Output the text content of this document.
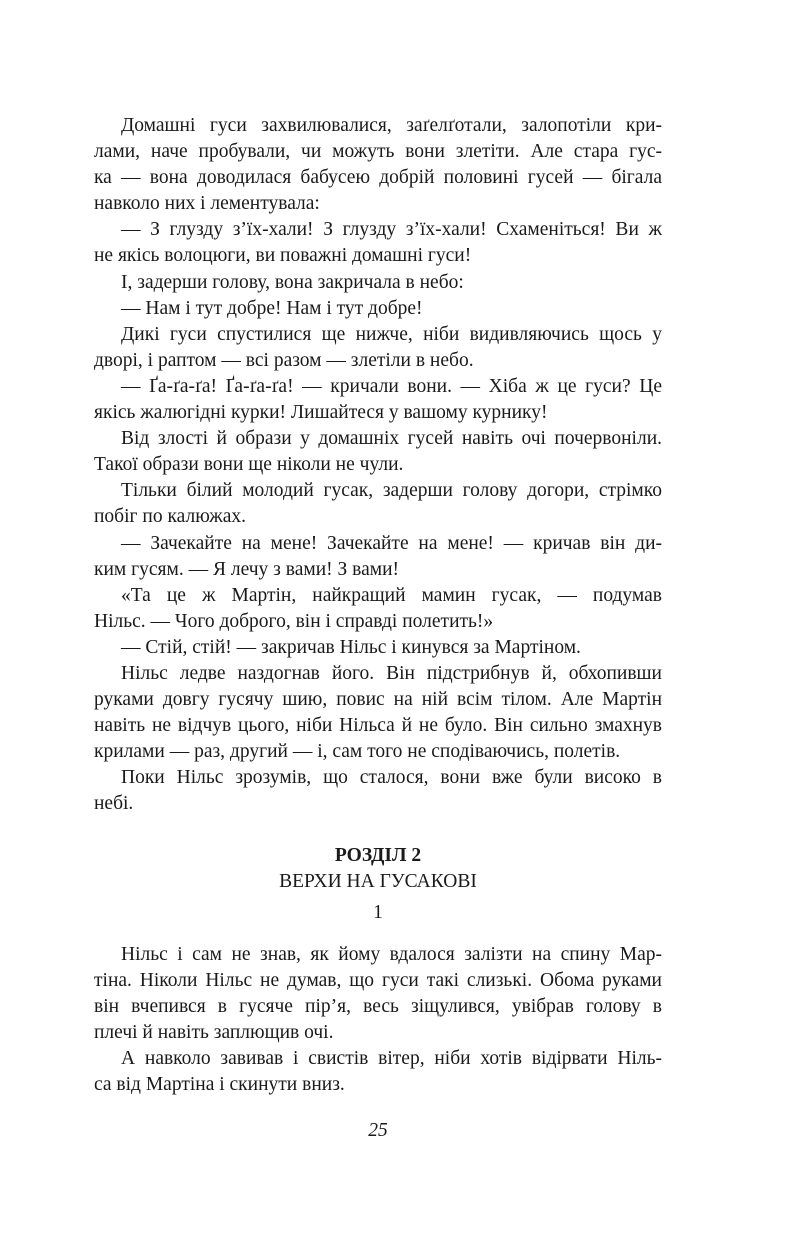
Домашні гуси захвилювалися, заґелґотали, залопотіли кри-
лами, наче пробували, чи можуть вони злетіти. Але стара гус-
ка — вона доводилася бабусею добрій половині гусей — бігала
навколо них і лементувала:
— З глузду з’їх-хали! З глузду з’їх-хали! Схаменіться! Ви ж
не якісь волоцюги, ви поважні домашні гуси!
І, задерши голову, вона закричала в небо:
— Нам і тут добре! Нам і тут добре!
Дикі гуси спустилися ще нижче, ніби видивляючись щось у
дворі, і раптом — всі разом — злетіли в небо.
— Ґа-ґа-ґа! Ґа-ґа-ґа! — кричали вони. — Хіба ж це гуси? Це
якісь жалюгідні курки! Лишайтеся у вашому курнику!
Від злості й образи у домашніх гусей навіть очі почервоніли.
Такої образи вони ще ніколи не чули.
Тільки білий молодий гусак, задерши голову догори, стрімко
побіг по калюжах.
— Зачекайте на мене! Зачекайте на мене! — кричав він ди-
ким гусям. — Я лечу з вами! З вами!
«Та це ж Мартін, найкращий мамин гусак, — подумав
Нільс. — Чого доброго, він і справді полетить!»
— Стій, стій! — закричав Нільс і кинувся за Мартіном.
Нільс ледве наздогнав його. Він підстрибнув й, обхопивши
руками довгу гусячу шию, повис на ній всім тілом. Але Мартін
навіть не відчув цього, ніби Нільса й не було. Він сильно змахнув
крилами — раз, другий — і, сам того не сподіваючись, полетів.
Поки Нільс зрозумів, що сталося, вони вже були високо в
небі.
РОЗДІЛ 2
ВЕРХИ НА ГУСАКОВІ
1
Нільс і сам не знав, як йому вдалося залізти на спину Мар-
тіна. Ніколи Нільс не думав, що гуси такі слизькі. Обома руками
він вчепився в гусяче пір’я, весь зіщулився, увібрав голову в
плечі й навіть заплющив очі.
А навколо завивав і свистів вітер, ніби хотів відірвати Ніль-
са від Мартіна і скинути вниз.
25
